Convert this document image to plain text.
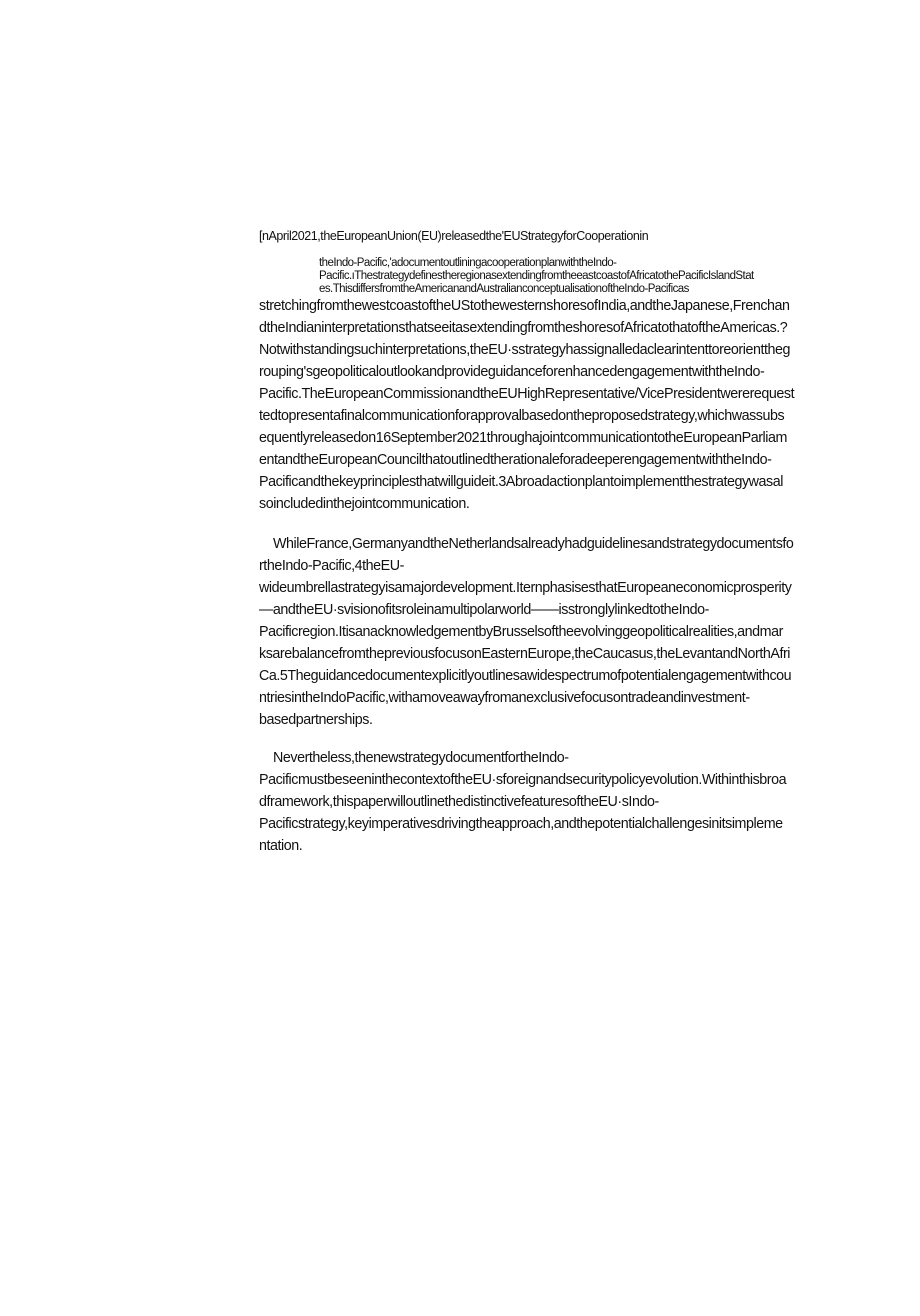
[nApril2021,theEuropeanUnion(EU)releasedthe'EUStrategyforCooperationin
theIndo-Pacific,'adocumentoutliningacooperationplanwiththeIndo-
Pacific.ıThestrategydefinestheregionasextendingfromtheeastcoastofAfricatothePacificIslandStat
es.ThisdiffersfromtheAmericanandAustralianconceptualisationoftheIndo-Pacificas
stretchingfromthewestcoastoftheUStothewesternshoresofIndia,andtheJapanese,Frenchan
dtheIndianinterpretationsthatseeitasextendingfromtheshoresofAfricatothatoftheAmericas.?
Notwithstandingsuchinterpretations,theEU·sstrategyhassignalledaclearintenttoreorienttheg
rouping'sgeopoliticaloutlookandprovideguidanceforenhancedengagementwiththeIndo-
Pacific.TheEuropeanCommissionandtheEUHighRepresentative/VicePresidentwererequest
tedtopresentafinalcommunicationforapprovalbasedontheproposedstrategy,whichwassubs
equentlyreleasedon16September2021throughajointcommunicationtotheEuropeanParliam
entandtheEuropeanCouncilthatoutlinedtherationaleforadeeperengagementwiththeIndo-
Pacificandthekeyprinciplesthatwillguideit.3Abroadactionplantoimplementthestrategywasal
soincludedinthejointcommunication.
WhileFrance,GermanyandtheNetherlandsalreadyhadguidelinesandstrategydocumentsfo
rtheIndo-Pacific,4theEU-
wideumbrellastrategyisamajordevelopment.IternphasisesthatEuropeaneconomicprosperity
—andtheEU·svisionofitsroleinamultipolarworld——isstronglylinkedtotheIndo-
Pacificregion.ItisanacknowledgementbyBrusselsoftheevolvinggeopoliticalrealities,andmar
ksarebalancefromthepreviousfocusonEasternEurope,theCaucasus,theLevantandNorthAfri
Ca.5Theguidancedocumentexplicitlyoutlinesawidespectrumofpotentialengagementwithcou
ntriesintheIndoPacific,withamoveawayfromanexclusivefocusontradeandinvestment-
basedpartnerships.
Nevertheless,thenewstrategydocumentfortheIndo-
PacificmustbeseeninthecontextoftheEU·sforeignandsecuritypolicyevolution.Withinthisbroa
dframework,thispaperwilloutlinethedistinctivefeaturesoftheEU·sIndo-
Pacificstrategy,keyimperativesdrivingtheapproach,andthepotentialchallengesinitsimpleme
ntation.
